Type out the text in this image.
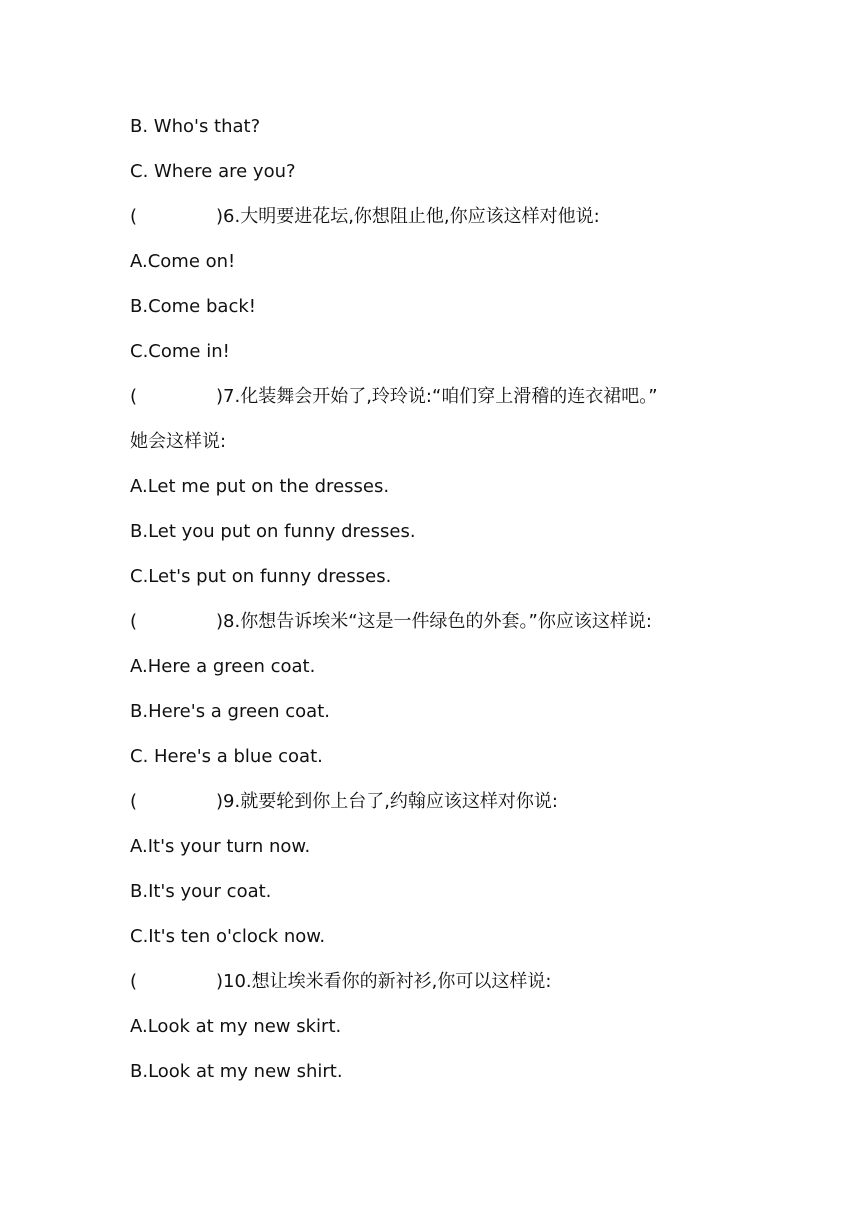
B. Who's that?
C. Where are you?
(	)6.大明要进花坛,你想阻止他,你应该这样对他说:
A.Come on!
B.Come back!
C.Come in!
(	)7.化装舞会开始了,玲玲说:“咱们穿上滑稽的连衣裙吧。”
她会这样说:
A.Let me put on the dresses.
B.Let you put on funny dresses.
C.Let's put on funny dresses.
(	)8.你想告诉埃米“这是一件绿色的外套。”你应该这样说:
A.Here a green coat.
B.Here's a green coat.
C. Here's a blue coat.
(	)9.就要轮到你上台了,约翰应该这样对你说:
A.It's your turn now.
B.It's your coat.
C.It's ten o'clock now.
(	)10.想让埃米看你的新衬衫,你可以这样说:
A.Look at my new skirt.
B.Look at my new shirt.
